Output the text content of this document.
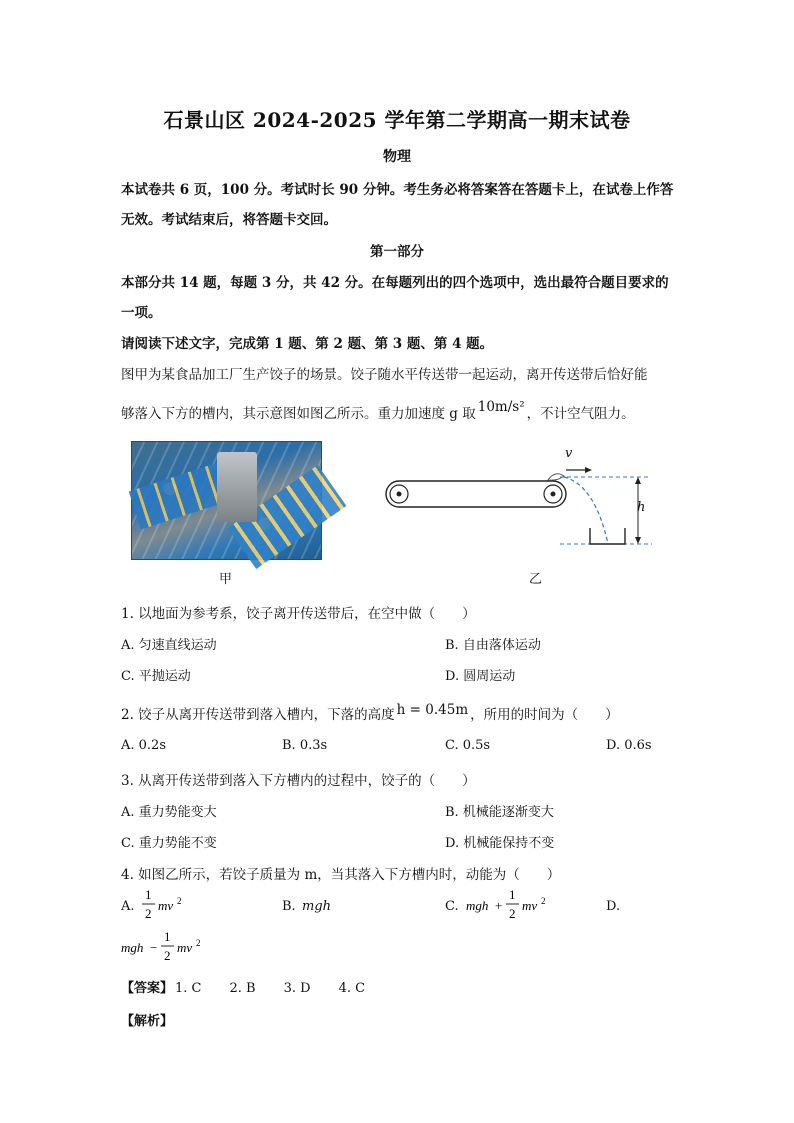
石景山区 2024-2025 学年第二学期高一期末试卷
物理
本试卷共 6 页，100 分。考试时长 90 分钟。考生务必将答案答在答题卡上，在试卷上作答
无效。考试结束后，将答题卡交回。
第一部分
本部分共 14 题，每题 3 分，共 42 分。在每题列出的四个选项中，选出最符合题目要求的
一项。
请阅读下述文字，完成第 1 题、第 2 题、第 3 题、第 4 题。
图甲为某食品加工厂生产饺子的场景。饺子随水平传送带一起运动，离开传送带后恰好能
够落入下方的槽内，其示意图如图乙所示。重力加速度 g 取 10m/s² ，不计空气阻力。
v
h
甲	乙
1. 以地面为参考系，饺子离开传送带后，在空中做（　　）
A. 匀速直线运动	B. 自由落体运动
C. 平抛运动	D. 圆周运动
2. 饺子从离开传送带到落入槽内，下落的高度 h = 0.45m ，所用的时间为（　　）
A. 0.2s	B. 0.3s	C. 0.5s	D. 0.6s
3. 从离开传送带到落入下方槽内的过程中，饺子的（　　）
A. 重力势能变大	B. 机械能逐渐变大
C. 重力势能不变	D. 机械能保持不变
4. 如图乙所示，若饺子质量为 m，当其落入下方槽内时，动能为（　　）
A.
1
2
mv 2	B. mgh	C. mgh +
1
2
mv 2	D.
mgh −
1
2
mv 2
【答案】 1. C 2. B 3. D 4. C
【解析】
